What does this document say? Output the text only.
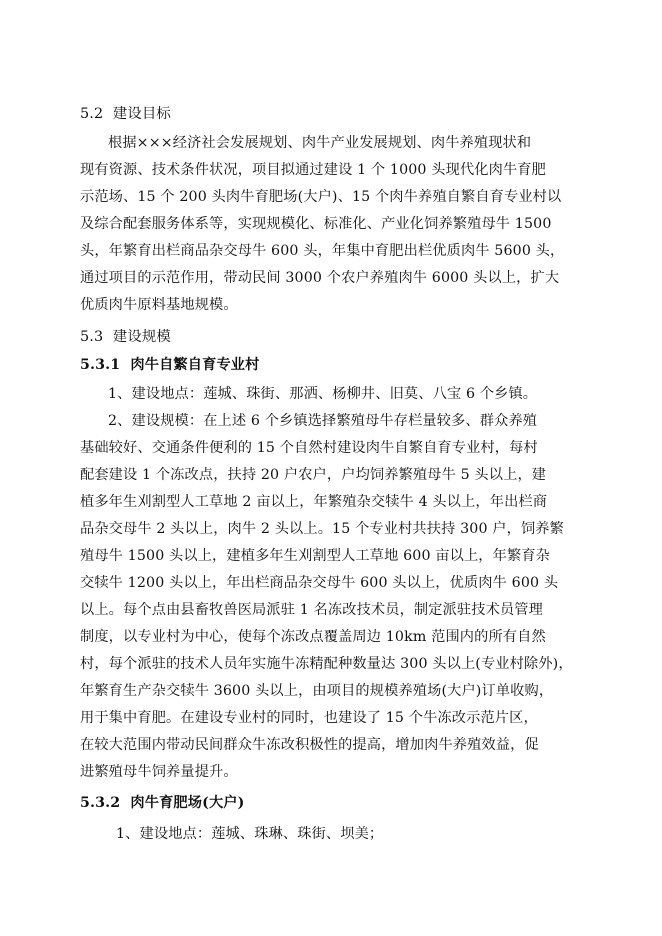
5.2  建设目标
根据×××经济社会发展规划、肉牛产业发展规划、肉牛养殖现状和
现有资源、技术条件状况，项目拟通过建设 1 个 1000 头现代化肉牛育肥
示范场、15 个 200 头肉牛育肥场(大户)、15 个肉牛养殖自繁自育专业村以
及综合配套服务体系等，实现规模化、标准化、产业化饲养繁殖母牛 1500
头，年繁育出栏商品杂交母牛 600 头，年集中育肥出栏优质肉牛 5600 头，
通过项目的示范作用，带动民间 3000 个农户养殖肉牛 6000 头以上，扩大
优质肉牛原料基地规模。
5.3  建设规模
5.3.1  肉牛自繁自育专业村
1、建设地点：莲城、珠街、那洒、杨柳井、旧莫、八宝 6 个乡镇。
2、建设规模：在上述 6 个乡镇选择繁殖母牛存栏量较多、群众养殖
基础较好、交通条件便利的 15 个自然村建设肉牛自繁自育专业村，每村
配套建设 1 个冻改点，扶持 20 户农户，户均饲养繁殖母牛 5 头以上，建
植多年生刈割型人工草地 2 亩以上，年繁殖杂交犊牛 4 头以上，年出栏商
品杂交母牛 2 头以上，肉牛 2 头以上。15 个专业村共扶持 300 户，饲养繁
殖母牛 1500 头以上，建植多年生刈割型人工草地 600 亩以上，年繁育杂
交犊牛 1200 头以上，年出栏商品杂交母牛 600 头以上，优质肉牛 600 头
以上。每个点由县畜牧兽医局派驻 1 名冻改技术员，制定派驻技术员管理
制度，以专业村为中心，使每个冻改点覆盖周边 10km 范围内的所有自然
村，每个派驻的技术人员年实施牛冻精配种数量达 300 头以上(专业村除外)，
年繁育生产杂交犊牛 3600 头以上，由项目的规模养殖场(大户)订单收购，
用于集中育肥。在建设专业村的同时，也建设了 15 个牛冻改示范片区，
在较大范围内带动民间群众牛冻改积极性的提高，增加肉牛养殖效益，促
进繁殖母牛饲养量提升。
5.3.2  肉牛育肥场(大户)
1、建设地点：莲城、珠琳、珠街、坝美；
